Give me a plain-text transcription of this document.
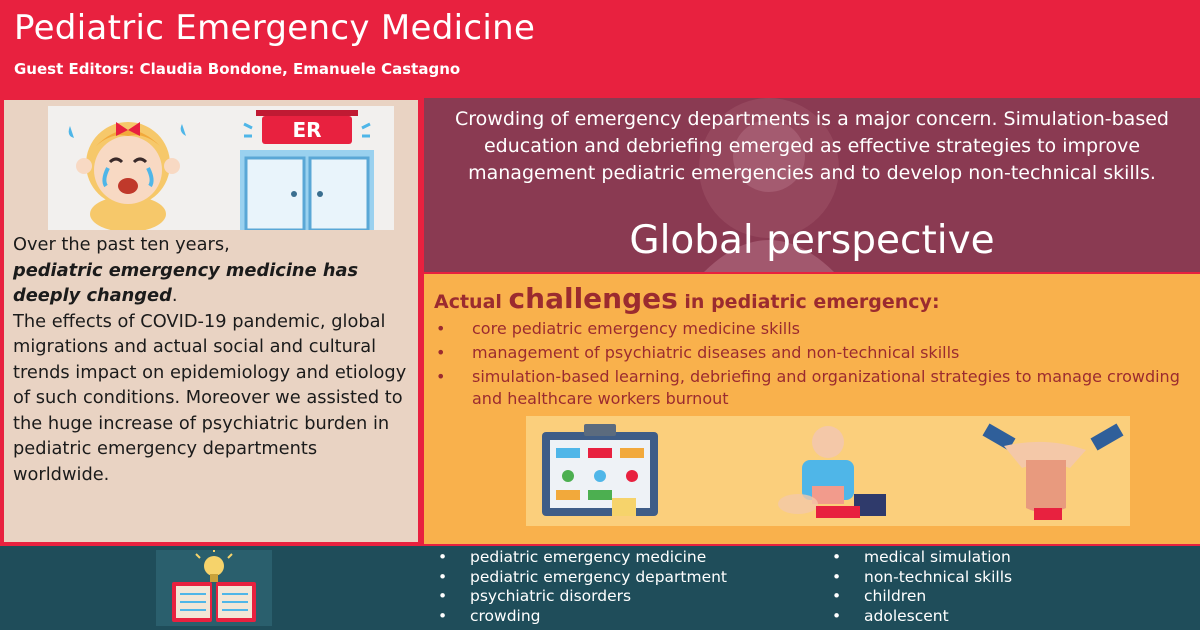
Pediatric Emergency Medicine
Guest Editors: Claudia Bondone, Emanuele Castagno
ER
Over the past ten years,
pediatric emergency medicine has deeply changed.
The effects of COVID-19 pandemic, global migrations and actual social and cultural trends impact on epidemiology and etiology of such conditions. Moreover we assisted to the huge increase of psychiatric burden in pediatric emergency departments worldwide.
Crowding of emergency departments is a major concern. Simulation-based education and debriefing emerged as effective strategies to improve management pediatric emergencies and to develop non-technical skills.
Global perspective
Actual challenges in pediatric emergency:
• core pediatric emergency medicine skills
• management of psychiatric diseases and non-technical skills
• simulation-based learning, debriefing and organizational strategies to manage crowding and healthcare workers burnout
• pediatric emergency medicine
• pediatric emergency department
• psychiatric disorders
• crowding
• medical simulation
• non-technical skills
• children
• adolescent
